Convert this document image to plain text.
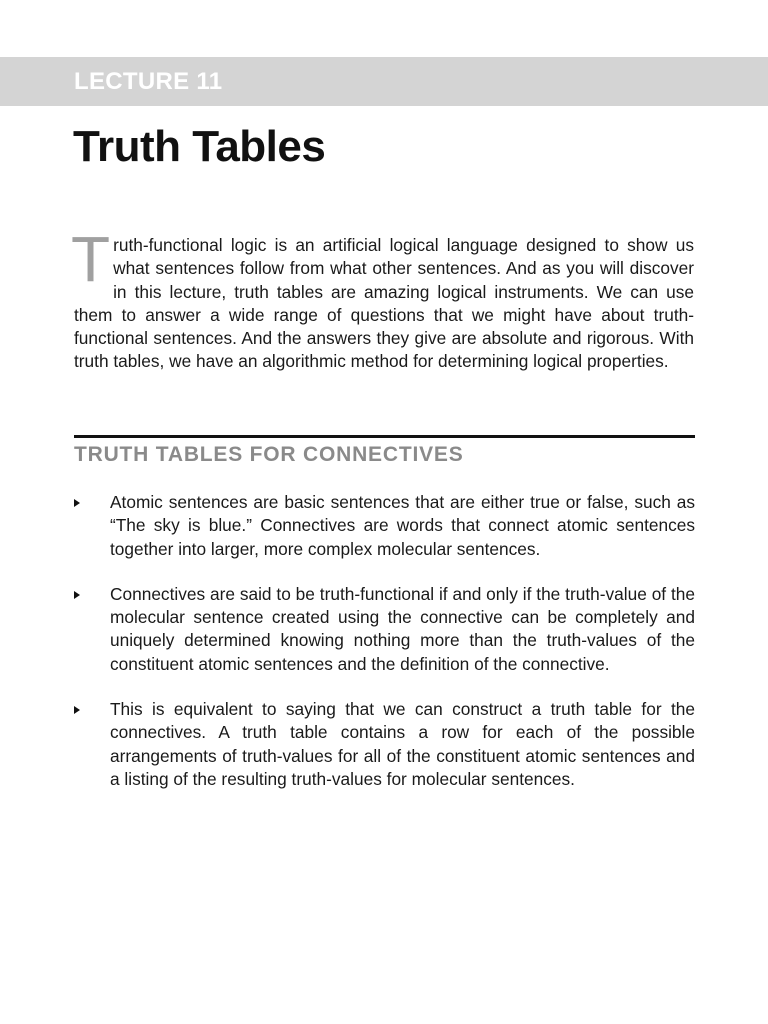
LECTURE 11
Truth Tables

Truth-functional logic is an artificial logical language designed to show us what sentences follow from what other sentences. And as you will discover in this lecture, truth tables are amazing logical instruments. We can use them to answer a wide range of questions that we might have about truth-functional sentences. And the answers they give are absolute and rigorous. With truth tables, we have an algorithmic method for determining logical properties.

TRUTH TABLES FOR CONNECTIVES
Atomic sentences are basic sentences that are either true or false, such as “The sky is blue.” Connectives are words that connect atomic sentences together into larger, more complex molecular sentences.
Connectives are said to be truth-functional if and only if the truth-value of the molecular sentence created using the connective can be completely and uniquely determined knowing nothing more than the truth-values of the constituent atomic sentences and the definition of the connective.
This is equivalent to saying that we can construct a truth table for the connectives. A truth table contains a row for each of the possible arrangements of truth-values for all of the constituent atomic sentences and a listing of the resulting truth-values for molecular sentences.
